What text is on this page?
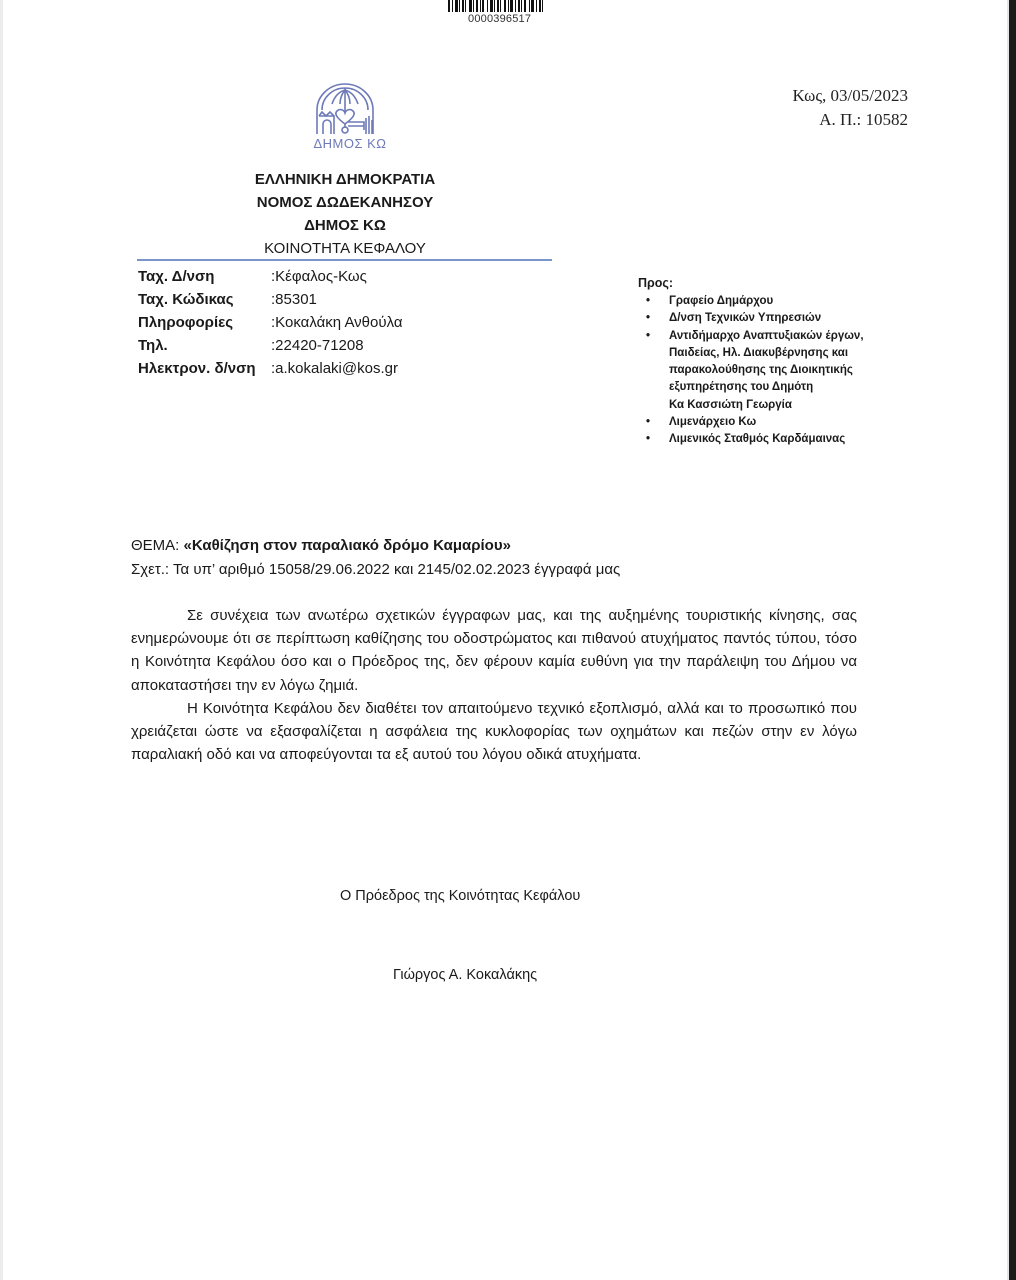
0000396517
ΔΗΜΟΣ ΚΩ
Κως, 03/05/2023
Α. Π.: 10582
ΕΛΛΗΝΙΚΗ ΔΗΜΟΚΡΑΤΙΑ
ΝΟΜΟΣ ΔΩΔΕΚΑΝΗΣΟΥ
ΔΗΜΟΣ ΚΩ
ΚΟΙΝΟΤΗΤΑ ΚΕΦΑΛΟΥ
Ταχ. Δ/νση	:Κέφαλος-Κως
Ταχ. Κώδικας	:85301
Πληροφορίες	:Κοκαλάκη Ανθούλα
Τηλ.	:22420-71208
Ηλεκτρον. δ/νση	:a.kokalaki@kos.gr
Προς:
• Γραφείο Δημάρχου
• Δ/νση Τεχνικών Υπηρεσιών
• Αντιδήμαρχο Αναπτυξιακών έργων,
Παιδείας, Ηλ. Διακυβέρνησης και
παρακολούθησης της Διοικητικής
εξυπηρέτησης του Δημότη
Κα Κασσιώτη Γεωργία
• Λιμενάρχειο Κω
• Λιμενικός Σταθμός Καρδάμαινας
ΘΕΜΑ: «Καθίζηση στον παραλιακό δρόμο Καμαρίου»
Σχετ.: Τα υπ’ αριθμό 15058/29.06.2022 και 2145/02.02.2023 έγγραφά μας

Σε συνέχεια των ανωτέρω σχετικών έγγραφων μας, και της αυξημένης τουριστικής κίνησης, σας ενημερώνουμε ότι σε περίπτωση καθίζησης του οδοστρώματος και πιθανού ατυχήματος παντός τύπου, τόσο η Κοινότητα Κεφάλου όσο και ο Πρόεδρος της, δεν φέρουν καμία ευθύνη για την παράλειψη του Δήμου να αποκαταστήσει την εν λόγω ζημιά.

Η Κοινότητα Κεφάλου δεν διαθέτει τον απαιτούμενο τεχνικό εξοπλισμό, αλλά και το προσωπικό που χρειάζεται ώστε να εξασφαλίζεται η ασφάλεια της κυκλοφορίας των οχημάτων και πεζών στην εν λόγω παραλιακή οδό και να αποφεύγονται τα εξ αυτού του λόγου οδικά ατυχήματα.

Ο Πρόεδρος της Κοινότητας Κεφάλου
Γιώργος Α. Κοκαλάκης
